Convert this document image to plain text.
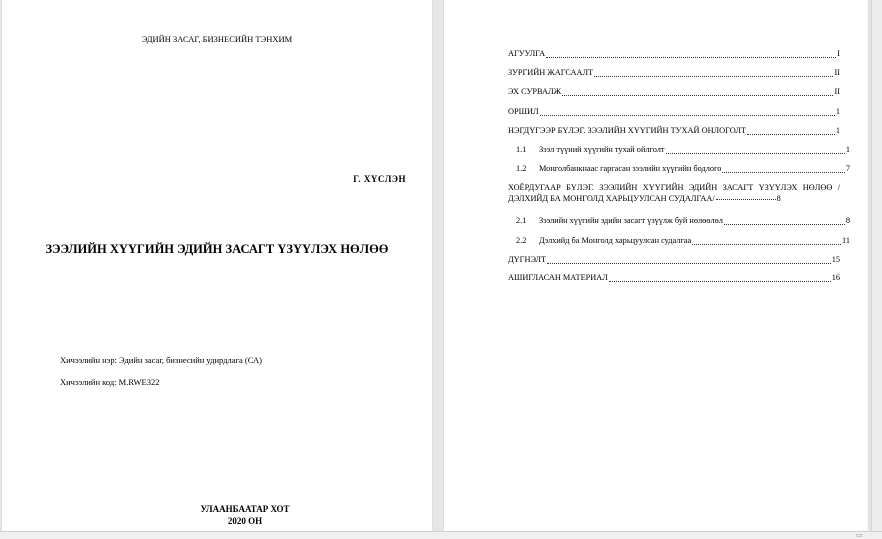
ЭДИЙН ЗАСАГ, БИЗНЕСИЙН ТЭНХИМ
Г. ХҮСЛЭН
ЗЭЭЛИЙН ХҮҮГИЙН ЭДИЙН ЗАСАГТ ҮЗҮҮЛЭХ НӨЛӨӨ
Хичээлийн нэр: Эдийн засаг, бизнесийн удирдлага (СА)
Хичээлийн код: M.RWE322
УЛААНБААТАР ХОТ
2020 ОН
АГУУЛГА	I
ЗУРГИЙН ЖАГСААЛТ	II
ЭХ СУРВАЛЖ	II
ОРШИЛ	1
НЭГДҮГЭЭР БҮЛЭГ. ЗЭЭЛИЙН ХҮҮГИЙН ТУХАЙ ОНЛОГОЛТ	1
1.1	Зээл түүний хүүгийн тухай ойлголт	1
1.2	Монголбанкнаас гаргасан зээлийн хүүгийн бодлого	7
ХОЁРДУГААР БҮЛЭГ. ЗЭЭЛИЙН ХҮҮГИЙН ЭДИЙН ЗАСАГТ ҮЗҮҮЛЭХ НӨЛӨӨ /ДЭЛХИЙД БА МОНГОЛД ХАРЬЦУУЛСАН СУДАЛГАА/	8
2.1	Зээлийн хүүгийн эдийн засагт үзүүлж буй нөлөөлөл	8
2.2	Дэлхийд ба Монголд харьцуулсан судалгаа	11
ДҮГНЭЛТ	15
АШИГЛАСАН МАТЕРИАЛ	16
▭
